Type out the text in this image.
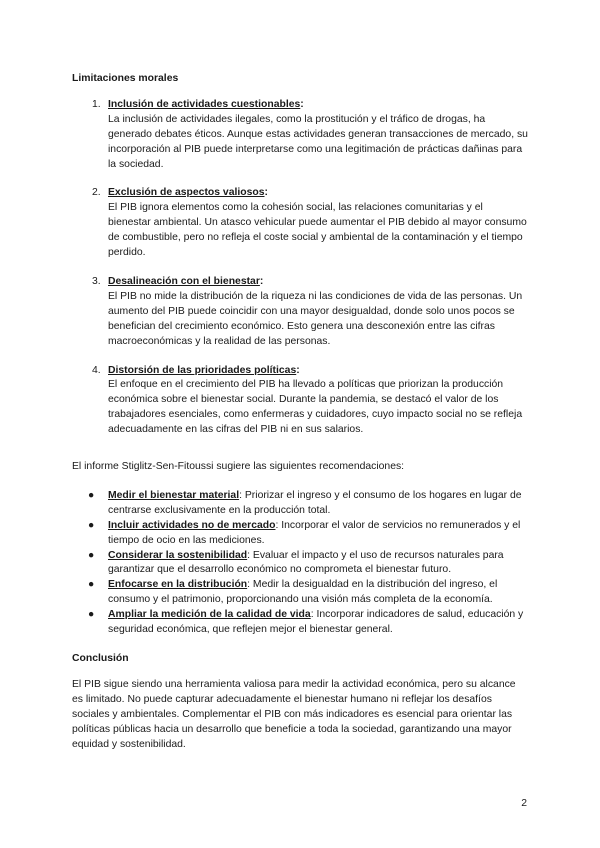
Limitaciones morales
1. Inclusión de actividades cuestionables:
La inclusión de actividades ilegales, como la prostitución y el tráfico de drogas, ha generado debates éticos. Aunque estas actividades generan transacciones de mercado, su incorporación al PIB puede interpretarse como una legitimación de prácticas dañinas para la sociedad.
2. Exclusión de aspectos valiosos:
El PIB ignora elementos como la cohesión social, las relaciones comunitarias y el bienestar ambiental. Un atasco vehicular puede aumentar el PIB debido al mayor consumo de combustible, pero no refleja el coste social y ambiental de la contaminación y el tiempo perdido.
3. Desalineación con el bienestar:
El PIB no mide la distribución de la riqueza ni las condiciones de vida de las personas. Un aumento del PIB puede coincidir con una mayor desigualdad, donde solo unos pocos se benefician del crecimiento económico. Esto genera una desconexión entre las cifras macroeconómicas y la realidad de las personas.
4. Distorsión de las prioridades políticas:
El enfoque en el crecimiento del PIB ha llevado a políticas que priorizan la producción económica sobre el bienestar social. Durante la pandemia, se destacó el valor de los trabajadores esenciales, como enfermeras y cuidadores, cuyo impacto social no se refleja adecuadamente en las cifras del PIB ni en sus salarios.

El informe Stiglitz-Sen-Fitoussi sugiere las siguientes recomendaciones:

● Medir el bienestar material: Priorizar el ingreso y el consumo de los hogares en lugar de centrarse exclusivamente en la producción total.
● Incluir actividades no de mercado: Incorporar el valor de servicios no remunerados y el tiempo de ocio en las mediciones.
● Considerar la sostenibilidad: Evaluar el impacto y el uso de recursos naturales para garantizar que el desarrollo económico no comprometa el bienestar futuro.
● Enfocarse en la distribución: Medir la desigualdad en la distribución del ingreso, el consumo y el patrimonio, proporcionando una visión más completa de la economía.
● Ampliar la medición de la calidad de vida: Incorporar indicadores de salud, educación y seguridad económica, que reflejen mejor el bienestar general.
Conclusión

El PIB sigue siendo una herramienta valiosa para medir la actividad económica, pero su alcance es limitado. No puede capturar adecuadamente el bienestar humano ni reflejar los desafíos sociales y ambientales. Complementar el PIB con más indicadores es esencial para orientar las políticas públicas hacia un desarrollo que beneficie a toda la sociedad, garantizando una mayor equidad y sostenibilidad.

2
